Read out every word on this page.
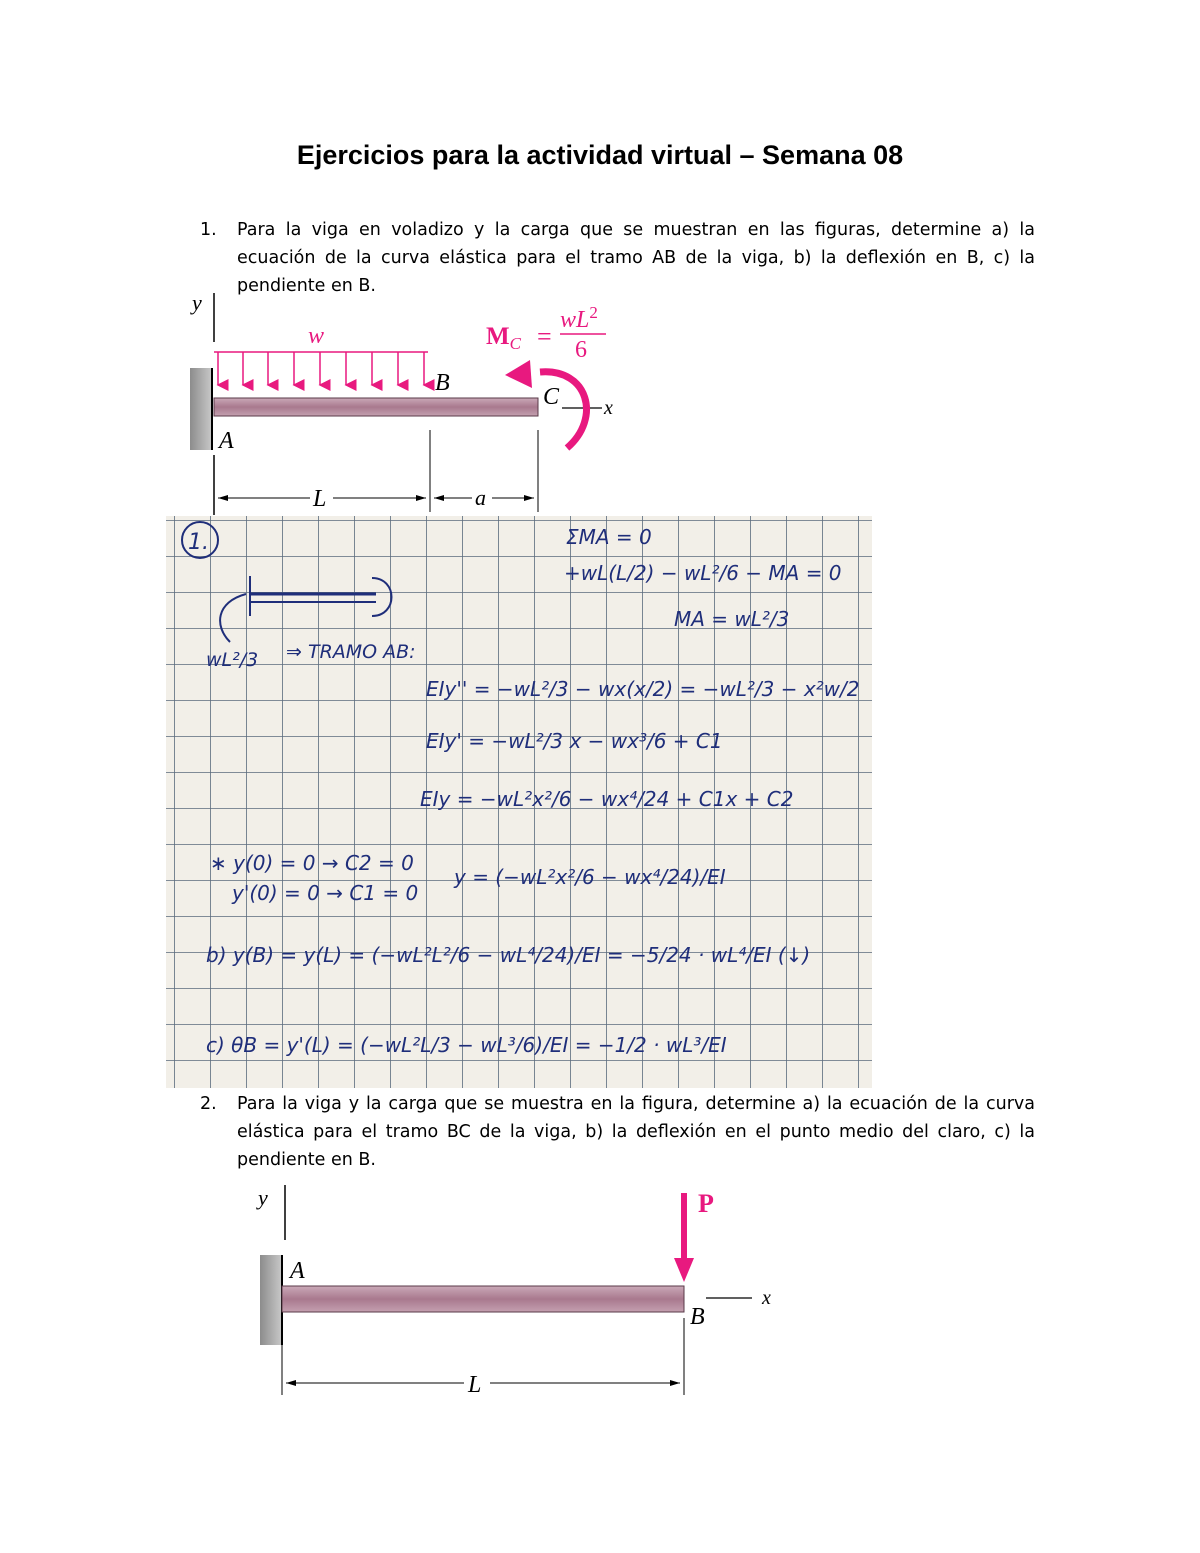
Ejercicios para la actividad virtual – Semana 08
1. Para la viga en voladizo y la carga que se muestran en las figuras, determine a) la ecuación de la curva elástica para el tramo AB de la viga, b) la deflexión en B, c) la pendiente en B.
y
w
B
C
A
x
$M_C$ =
$wL^2$
6
L	a
1.	ΣMA = 0
+wL(L/2) − wL²/6 − MA = 0
MA = wL²/3
wL²/3 ⇒ TRAMO AB:
EIy'' = −wL²/3 − wx(x/2) = −wL²/3 − x²w/2
EIy' = −wL²/3 x − wx³/6 + C1
EIy = −wL²x²/6 − wx⁴/24 + C1x + C2
∗ y(0) = 0 → C2 = 0
y'(0) = 0 → C1 = 0
y = (−wL²x²/6 − wx⁴/24)/EI
b) y(B) = y(L) = (−wL²L²/6 − wL⁴/24)/EI = −5/24 · wL⁴/EI (↓)
c) θB = y'(L) = (−wL²L/3 − wL³/6)/EI = −1/2 · wL³/EI
2. Para la viga y la carga que se muestra en la figura, determine a) la ecuación de la curva elástica para el tramo BC de la viga, b) la deflexión en el punto medio del claro, c) la pendiente en B.
y
A
P
B
x
L
